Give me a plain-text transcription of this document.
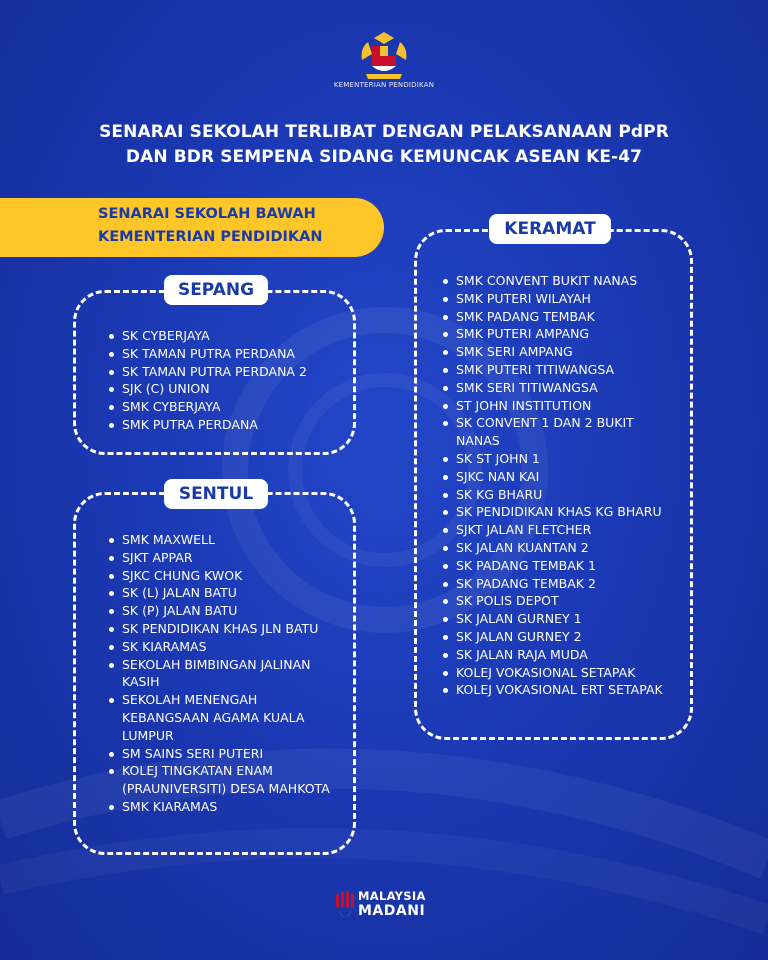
KEMENTERIAN PENDIDIKAN
SENARAI SEKOLAH TERLIBAT DENGAN PELAKSANAAN PdPR
DAN BDR SEMPENA SIDANG KEMUNCAK ASEAN KE-47
SENARAI SEKOLAH BAWAH
KEMENTERIAN PENDIDIKAN
SEPANG
SK CYBERJAYA
SK TAMAN PUTRA PERDANA
SK TAMAN PUTRA PERDANA 2
SJK (C) UNION
SMK CYBERJAYA
SMK PUTRA PERDANA
SENTUL
SMK MAXWELL
SJKT APPAR
SJKC CHUNG KWOK
SK (L) JALAN BATU
SK (P) JALAN BATU
SK PENDIDIKAN KHAS JLN BATU
SK KIARAMAS
SEKOLAH BIMBINGAN JALINAN KASIH
SEKOLAH MENENGAH KEBANGSAAN AGAMA KUALA LUMPUR
SM SAINS SERI PUTERI
KOLEJ TINGKATAN ENAM (PRAUNIVERSITI) DESA MAHKOTA
SMK KIARAMAS
KERAMAT
SMK CONVENT BUKIT NANAS
SMK PUTERI WILAYAH
SMK PADANG TEMBAK
SMK PUTERI AMPANG
SMK SERI AMPANG
SMK PUTERI TITIWANGSA
SMK SERI TITIWANGSA
ST JOHN INSTITUTION
SK CONVENT 1 DAN 2 BUKIT NANAS
SK ST JOHN 1
SJKC NAN KAI
SK KG BHARU
SK PENDIDIKAN KHAS KG BHARU
SJKT JALAN FLETCHER
SK JALAN KUANTAN 2
SK PADANG TEMBAK 1
SK PADANG TEMBAK 2
SK POLIS DEPOT
SK JALAN GURNEY 1
SK JALAN GURNEY 2
SK JALAN RAJA MUDA
KOLEJ VOKASIONAL SETAPAK
KOLEJ VOKASIONAL ERT SETAPAK
MALAYSIA
MADANI
